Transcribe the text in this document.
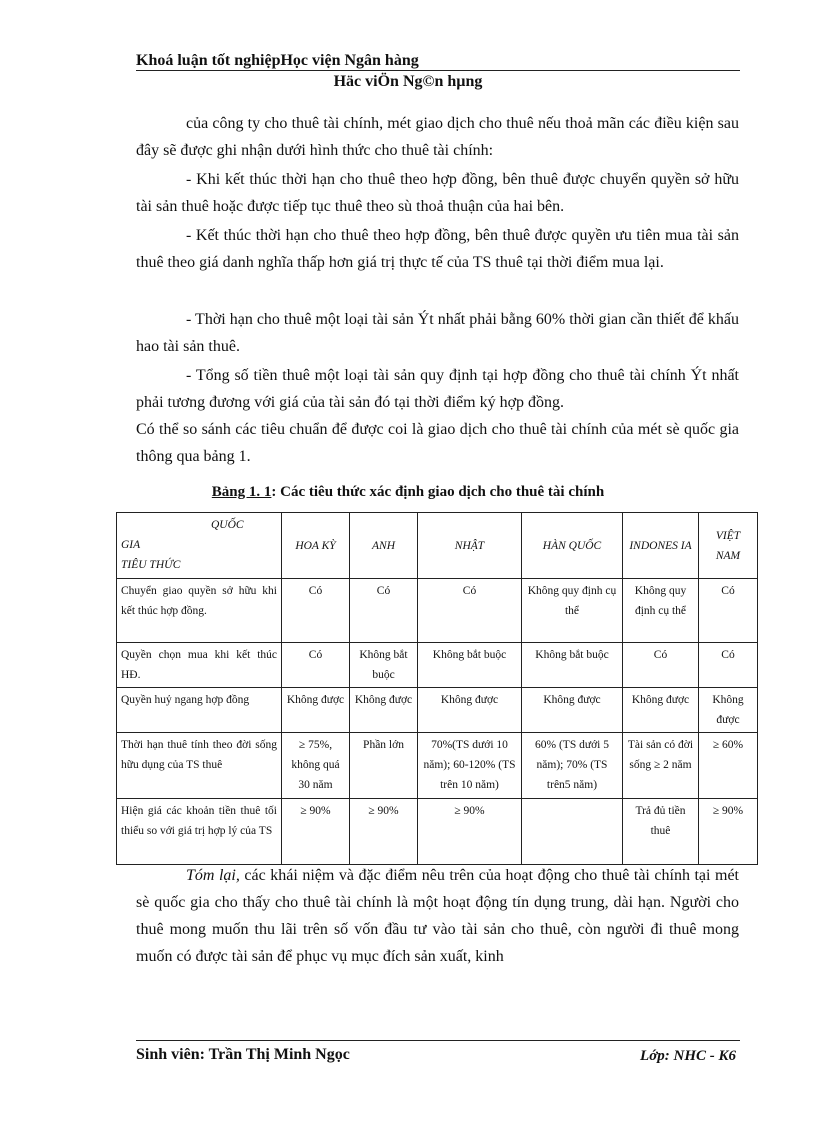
Khoá luận tốt nghiệpHọc viện Ngân hàng
Häc viÖn Ng©n hµng
của công ty cho thuê tài chính, mét giao dịch cho thuê nếu thoả mãn các điều kiện sau đây sẽ được ghi nhận dưới hình thức cho thuê tài chính:
- Khi kết thúc thời hạn cho thuê theo hợp đồng, bên thuê được chuyển quyền sở hữu tài sản thuê hoặc được tiếp tục thuê theo sù thoả thuận của hai bên.
- Kết thúc thời hạn cho thuê theo hợp đồng, bên thuê được quyền ưu tiên mua tài sản thuê theo giá danh nghĩa thấp hơn giá trị thực tế của TS thuê tại thời điểm mua lại.
- Thời hạn cho thuê một loại tài sản Ýt nhất phải bằng 60% thời gian cần thiết để khấu hao tài sản thuê.
- Tổng số tiền thuê một loại tài sản quy định tại hợp đồng cho thuê tài chính Ýt nhất phải tương đương với giá của tài sản đó tại thời điểm ký hợp đồng.
Có thể so sánh các tiêu chuẩn để được coi là giao dịch cho thuê tài chính của mét sè quốc gia thông qua bảng 1.
Bảng 1. 1: Các tiêu thức xác định giao dịch cho thuê tài chính
QUỐC
GIA
TIÊU THỨC	HOA KỲ	ANH	NHẬT	HÀN QUỐC	INDONES IA	VIỆT NAM
Chuyển giao quyền sở hữu khi kết thúc hợp đồng.	Có	Có	Có	Không quy định cụ thể	Không quy định cụ thể	Có
Quyền chọn mua khi kết thúc HĐ.	Có	Không bắt buộc	Không bắt buộc	Không bắt buộc	Có	Có
Quyền huỷ ngang hợp đồng	Không được	Không được	Không được	Không được	Không được	Không được
Thời hạn thuê tính theo đời sống hữu dụng của TS thuê	≥ 75%, không quá 30 năm	Phần lớn	70%(TS dưới 10 năm); 60-120% (TS trên 10 năm)	60% (TS dưới 5 năm); 70% (TS trên5 năm)	Tài sản có đời sống ≥ 2 năm	≥ 60%
Hiện giá các khoản tiền thuê tối thiểu so với giá trị hợp lý của TS	≥ 90%	≥ 90%	≥ 90%		Trả đủ tiền thuê	≥ 90%
Tóm lại, các khái niệm và đặc điểm nêu trên của hoạt động cho thuê tài chính tại mét sè quốc gia cho thấy cho thuê tài chính là một hoạt động tín dụng trung, dài hạn. Người cho thuê mong muốn thu lãi trên số vốn đầu tư vào tài sản cho thuê, còn người đi thuê mong muốn có được tài sản để phục vụ mục đích sản xuất, kinh
Sinh viên: Trần Thị Minh Ngọc	Lớp: NHC - K6
